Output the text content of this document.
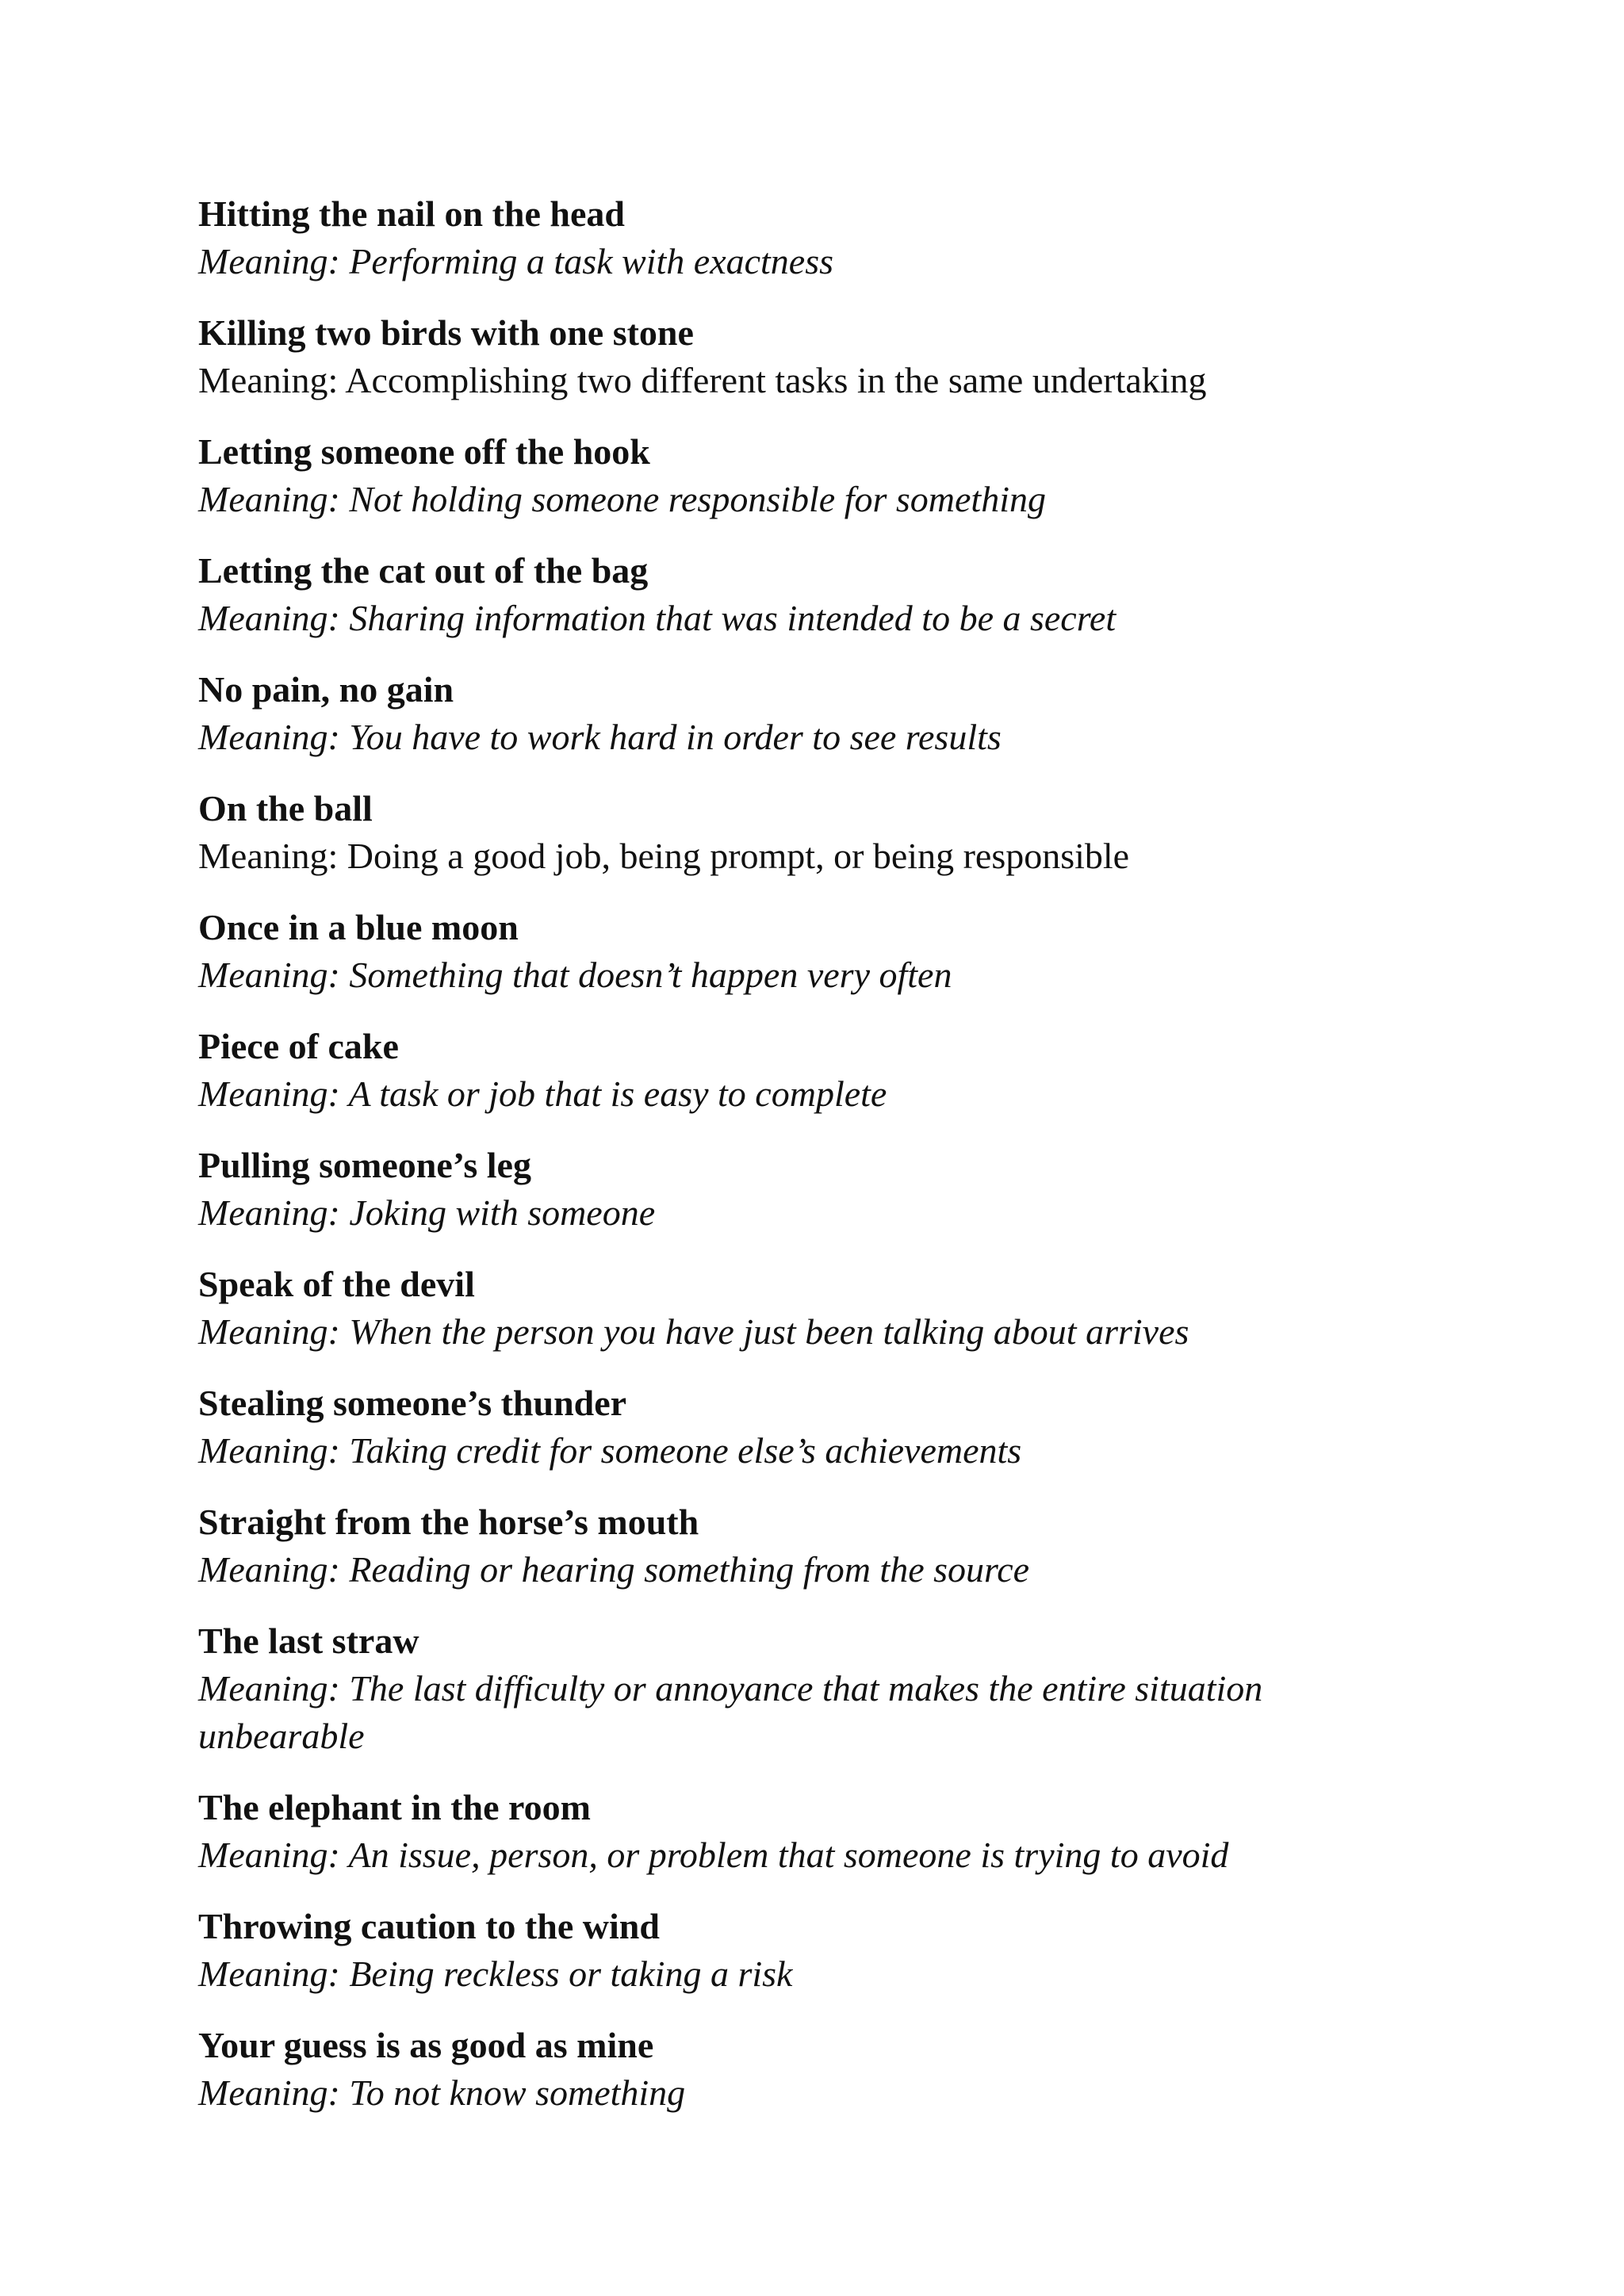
Hitting the nail on the head

Meaning: Performing a task with exactness

Killing two birds with one stone

Meaning: Accomplishing two different tasks in the same undertaking

Letting someone off the hook

Meaning: Not holding someone responsible for something

Letting the cat out of the bag

Meaning: Sharing information that was intended to be a secret

No pain, no gain

Meaning: You have to work hard in order to see results

On the ball

Meaning: Doing a good job, being prompt, or being responsible

Once in a blue moon

Meaning: Something that doesn’t happen very often

Piece of cake

Meaning: A task or job that is easy to complete

Pulling someone’s leg

Meaning: Joking with someone

Speak of the devil

Meaning: When the person you have just been talking about arrives

Stealing someone’s thunder

Meaning: Taking credit for someone else’s achievements

Straight from the horse’s mouth

Meaning: Reading or hearing something from the source

The last straw

Meaning: The last difficulty or annoyance that makes the entire situation unbearable

The elephant in the room

Meaning: An issue, person, or problem that someone is trying to avoid

Throwing caution to the wind

Meaning: Being reckless or taking a risk

Your guess is as good as mine

Meaning: To not know something
